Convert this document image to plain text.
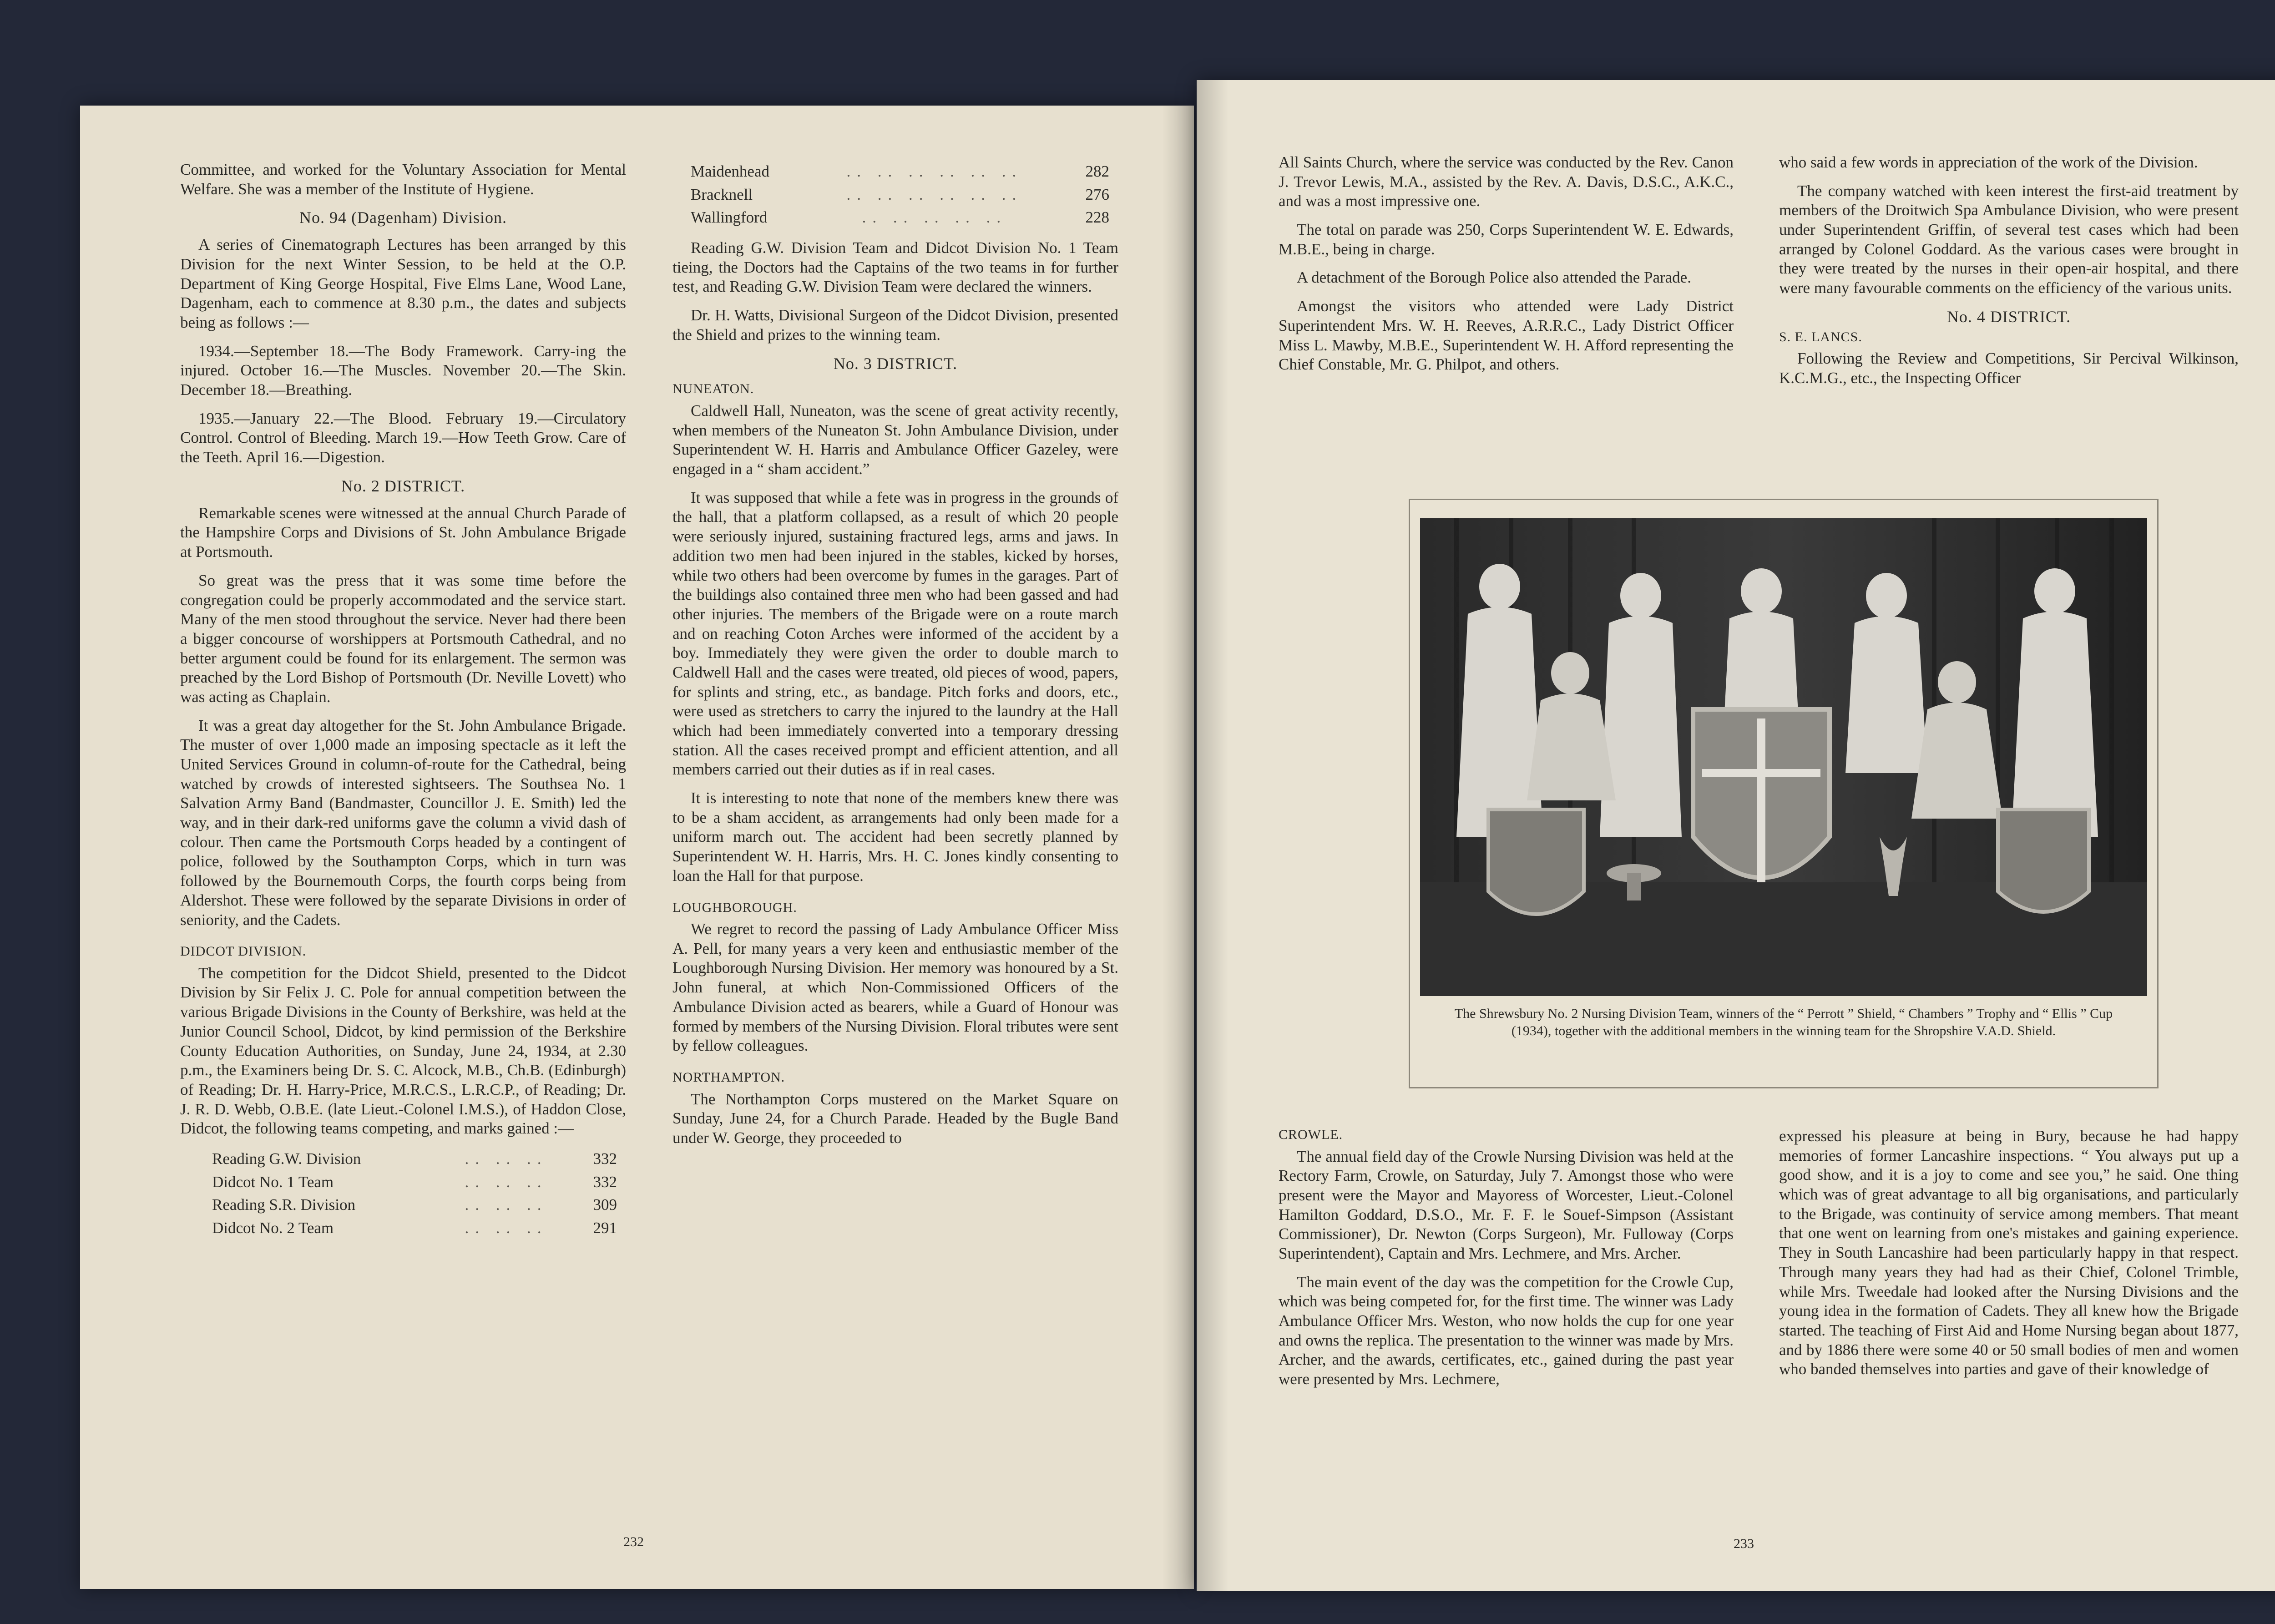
Committee, and worked for the Voluntary Association for Mental Welfare. She was a member of the Institute of Hygiene.

No. 94 (Dagenham) Division.

A series of Cinematograph Lectures has been arranged by this Division for the next Winter Session, to be held at the O.P. Department of King George Hospital, Five Elms Lane, Wood Lane, Dagenham, each to commence at 8.30 p.m., the dates and subjects being as follows :—

1934.—September 18.—The Body Framework. Carry-ing the injured. October 16.—The Muscles. November 20.—The Skin. December 18.—Breathing.

1935.—January 22.—The Blood. February 19.—Circulatory Control. Control of Bleeding. March 19.—How Teeth Grow. Care of the Teeth. April 16.—Digestion.

No. 2 DISTRICT.

Remarkable scenes were witnessed at the annual Church Parade of the Hampshire Corps and Divisions of St. John Ambulance Brigade at Portsmouth.

So great was the press that it was some time before the congregation could be properly accommodated and the service start. Many of the men stood throughout the service. Never had there been a bigger concourse of worshippers at Portsmouth Cathedral, and no better argument could be found for its enlargement. The sermon was preached by the Lord Bishop of Portsmouth (Dr. Neville Lovett) who was acting as Chaplain.

It was a great day altogether for the St. John Ambulance Brigade. The muster of over 1,000 made an imposing spectacle as it left the United Services Ground in column-of-route for the Cathedral, being watched by crowds of interested sightseers. The Southsea No. 1 Salvation Army Band (Bandmaster, Councillor J. E. Smith) led the way, and in their dark-red uniforms gave the column a vivid dash of colour. Then came the Portsmouth Corps headed by a contingent of police, followed by the Southampton Corps, which in turn was followed by the Bournemouth Corps, the fourth corps being from Aldershot. These were followed by the separate Divisions in order of seniority, and the Cadets.

DIDCOT DIVISION.

The competition for the Didcot Shield, presented to the Didcot Division by Sir Felix J. C. Pole for annual competition between the various Brigade Divisions in the County of Berkshire, was held at the Junior Council School, Didcot, by kind permission of the Berkshire County Education Authorities, on Sunday, June 24, 1934, at 2.30 p.m., the Examiners being Dr. S. C. Alcock, M.B., Ch.B. (Edinburgh) of Reading; Dr. H. Harry-Price, M.R.C.S., L.R.C.P., of Reading; Dr. J. R. D. Webb, O.B.E. (late Lieut.-Colonel I.M.S.), of Haddon Close, Didcot, the following teams competing, and marks gained :—

Reading G.W. Division	.. .. ..	332
Didcot No. 1 Team	.. .. ..	332
Reading S.R. Division	.. .. ..	309
Didcot No. 2 Team	.. .. ..	291
Maidenhead	.. .. .. .. .. ..	282
Bracknell	.. .. .. .. .. ..	276
Wallingford	.. .. .. .. ..	228

Reading G.W. Division Team and Didcot Division No. 1 Team tieing, the Doctors had the Captains of the two teams in for further test, and Reading G.W. Division Team were declared the winners.

Dr. H. Watts, Divisional Surgeon of the Didcot Division, presented the Shield and prizes to the winning team.

No. 3 DISTRICT.
NUNEATON.

Caldwell Hall, Nuneaton, was the scene of great activity recently, when members of the Nuneaton St. John Ambulance Division, under Superintendent W. H. Harris and Ambulance Officer Gazeley, were engaged in a “ sham accident.”

It was supposed that while a fete was in progress in the grounds of the hall, that a platform collapsed, as a result of which 20 people were seriously injured, sustaining fractured legs, arms and jaws. In addition two men had been injured in the stables, kicked by horses, while two others had been overcome by fumes in the garages. Part of the buildings also contained three men who had been gassed and had other injuries. The members of the Brigade were on a route march and on reaching Coton Arches were informed of the accident by a boy. Immediately they were given the order to double march to Caldwell Hall and the cases were treated, old pieces of wood, papers, for splints and string, etc., as bandage. Pitch forks and doors, etc., were used as stretchers to carry the injured to the laundry at the Hall which had been immediately converted into a temporary dressing station. All the cases received prompt and efficient attention, and all members carried out their duties as if in real cases.

It is interesting to note that none of the members knew there was to be a sham accident, as arrangements had only been made for a uniform march out. The accident had been secretly planned by Superintendent W. H. Harris, Mrs. H. C. Jones kindly consenting to loan the Hall for that purpose.

LOUGHBOROUGH.

We regret to record the passing of Lady Ambulance Officer Miss A. Pell, for many years a very keen and enthusiastic member of the Loughborough Nursing Division. Her memory was honoured by a St. John funeral, at which Non-Commissioned Officers of the Ambulance Division acted as bearers, while a Guard of Honour was formed by members of the Nursing Division. Floral tributes were sent by fellow colleagues.

NORTHAMPTON.

The Northampton Corps mustered on the Market Square on Sunday, June 24, for a Church Parade. Headed by the Bugle Band under W. George, they proceeded to

232

All Saints Church, where the service was conducted by the Rev. Canon J. Trevor Lewis, M.A., assisted by the Rev. A. Davis, D.S.C., A.K.C., and was a most impressive one.

The total on parade was 250, Corps Superintendent W. E. Edwards, M.B.E., being in charge.

A detachment of the Borough Police also attended the Parade.

Amongst the visitors who attended were Lady District Superintendent Mrs. W. H. Reeves, A.R.R.C., Lady District Officer Miss L. Mawby, M.B.E., Superintendent W. H. Afford representing the Chief Constable, Mr. G. Philpot, and others.

who said a few words in appreciation of the work of the Division.

The company watched with keen interest the first-aid treatment by members of the Droitwich Spa Ambulance Division, who were present under Superintendent Griffin, of several test cases which had been arranged by Colonel Goddard. As the various cases were brought in they were treated by the nurses in their open-air hospital, and there were many favourable comments on the efficiency of the various units.

No. 4 DISTRICT.
S. E. LANCS.

Following the Review and Competitions, Sir Percival Wilkinson, K.C.M.G., etc., the Inspecting Officer

The Shrewsbury No. 2 Nursing Division Team, winners of the “ Perrott ” Shield, “ Chambers ” Trophy and “ Ellis ” Cup (1934), together with the additional members in the winning team for the Shropshire V.A.D. Shield.
CROWLE.

The annual field day of the Crowle Nursing Division was held at the Rectory Farm, Crowle, on Saturday, July 7. Amongst those who were present were the Mayor and Mayoress of Worcester, Lieut.-Colonel Hamilton Goddard, D.S.O., Mr. F. F. le Souef-Simpson (Assistant Commissioner), Dr. Newton (Corps Surgeon), Mr. Fulloway (Corps Superintendent), Captain and Mrs. Lechmere, and Mrs. Archer.

The main event of the day was the competition for the Crowle Cup, which was being competed for, for the first time. The winner was Lady Ambulance Officer Mrs. Weston, who now holds the cup for one year and owns the replica. The presentation to the winner was made by Mrs. Archer, and the awards, certificates, etc., gained during the past year were presented by Mrs. Lechmere,

expressed his pleasure at being in Bury, because he had happy memories of former Lancashire inspections. “ You always put up a good show, and it is a joy to come and see you,” he said. One thing which was of great advantage to all big organisations, and particularly to the Brigade, was continuity of service among members. That meant that one went on learning from one's mistakes and gaining experience. They in South Lancashire had been particularly happy in that respect. Through many years they had had as their Chief, Colonel Trimble, while Mrs. Tweedale had looked after the Nursing Divisions and the young idea in the formation of Cadets. They all knew how the Brigade started. The teaching of First Aid and Home Nursing began about 1877, and by 1886 there were some 40 or 50 small bodies of men and women who banded themselves into parties and gave of their knowledge of

233
